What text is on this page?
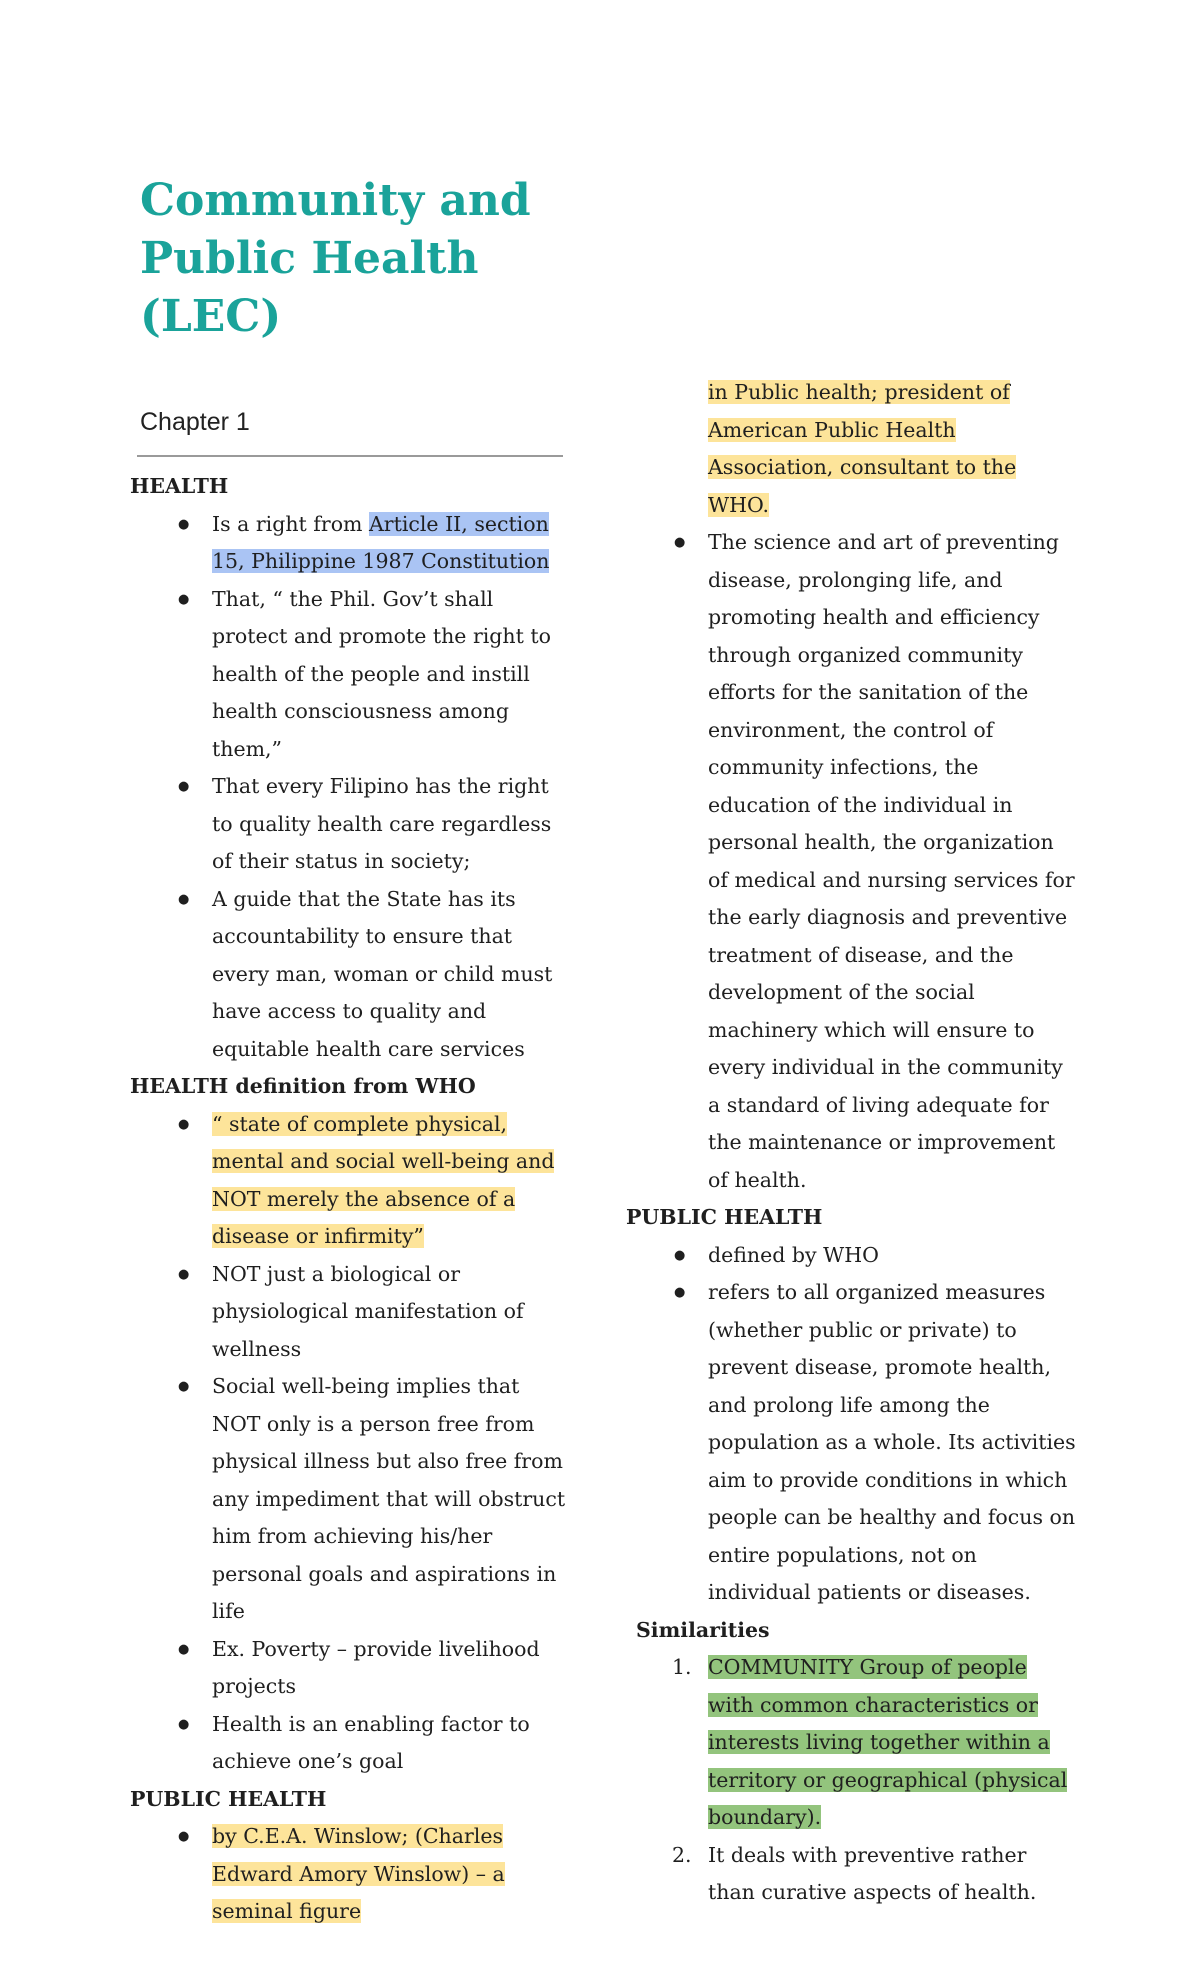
Community and
Public Health
(LEC)
Chapter 1
HEALTH
● Is a right from Article II, section 15, Philippine 1987 Constitution
● That, “ the Phil. Gov’t shall protect and promote the right to health of the people and instill health consciousness among them,”
● That every Filipino has the right to quality health care regardless of their status in society;
● A guide that the State has its accountability to ensure that every man, woman or child must have access to quality and equitable health care services
HEALTH definition from WHO
● “ state of complete physical, mental and social well-being and NOT merely the absence of a disease or infirmity”
● NOT just a biological or physiological manifestation of wellness
● Social well-being implies that NOT only is a person free from physical illness but also free from any impediment that will obstruct him from achieving his/her personal goals and aspirations in life
● Ex. Poverty – provide livelihood projects
● Health is an enabling factor to achieve one’s goal
PUBLIC HEALTH
● by C.E.A. Winslow; (Charles Edward Amory Winslow) – a seminal figure
in Public health; president of American Public Health Association, consultant to the WHO.
● The science and art of preventing disease, prolonging life, and promoting health and efficiency through organized community efforts for the sanitation of the environment, the control of community infections, the education of the individual in personal health, the organization of medical and nursing services for the early diagnosis and preventive treatment of disease, and the development of the social machinery which will ensure to every individual in the community a standard of living adequate for the maintenance or improvement of health.
PUBLIC HEALTH
● defined by WHO
● refers to all organized measures (whether public or private) to prevent disease, promote health, and prolong life among the population as a whole. Its activities aim to provide conditions in which people can be healthy and focus on entire populations, not on individual patients or diseases.
Similarities
1. COMMUNITY Group of people with common characteristics or interests living together within a territory or geographical (physical boundary).
2. It deals with preventive rather than curative aspects of health.
